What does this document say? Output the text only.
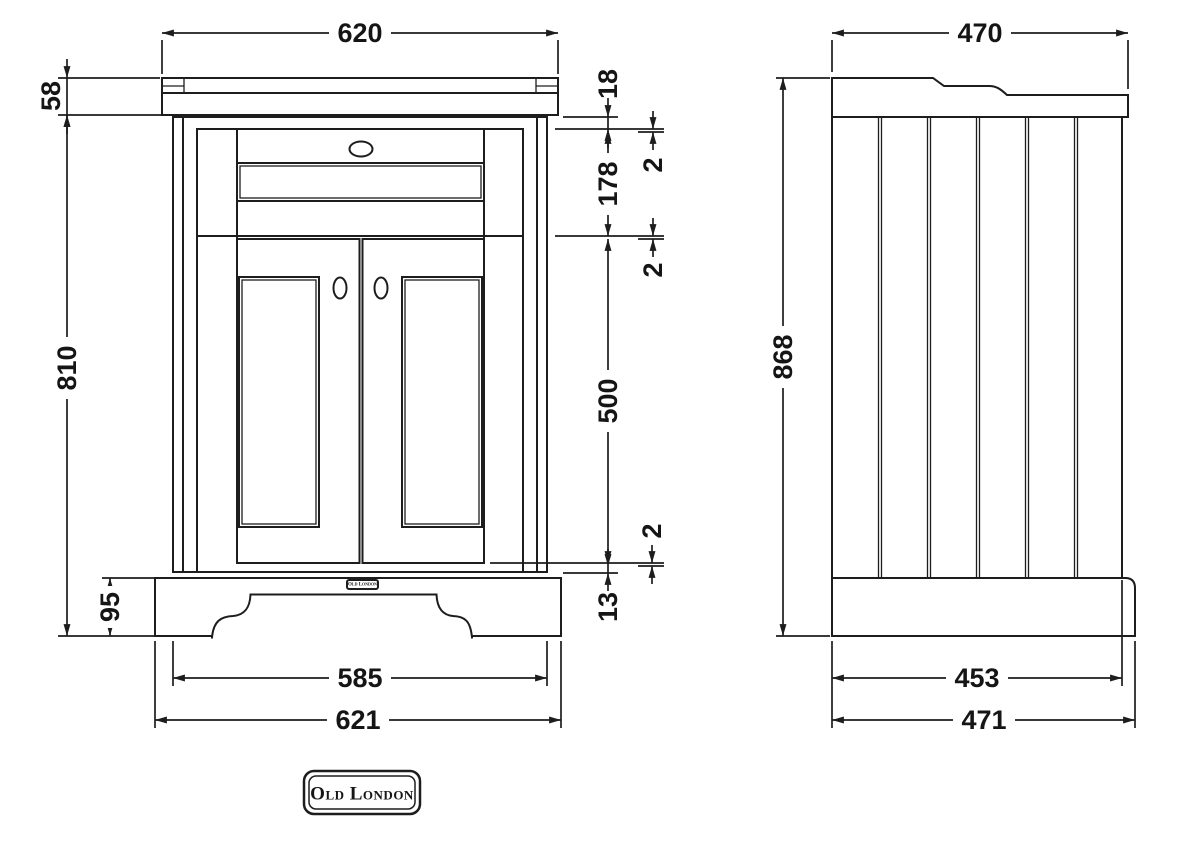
Old London
620
58
810
95
18
2
178
2
500
2
13
585
621
470
868
453
471
Old London
